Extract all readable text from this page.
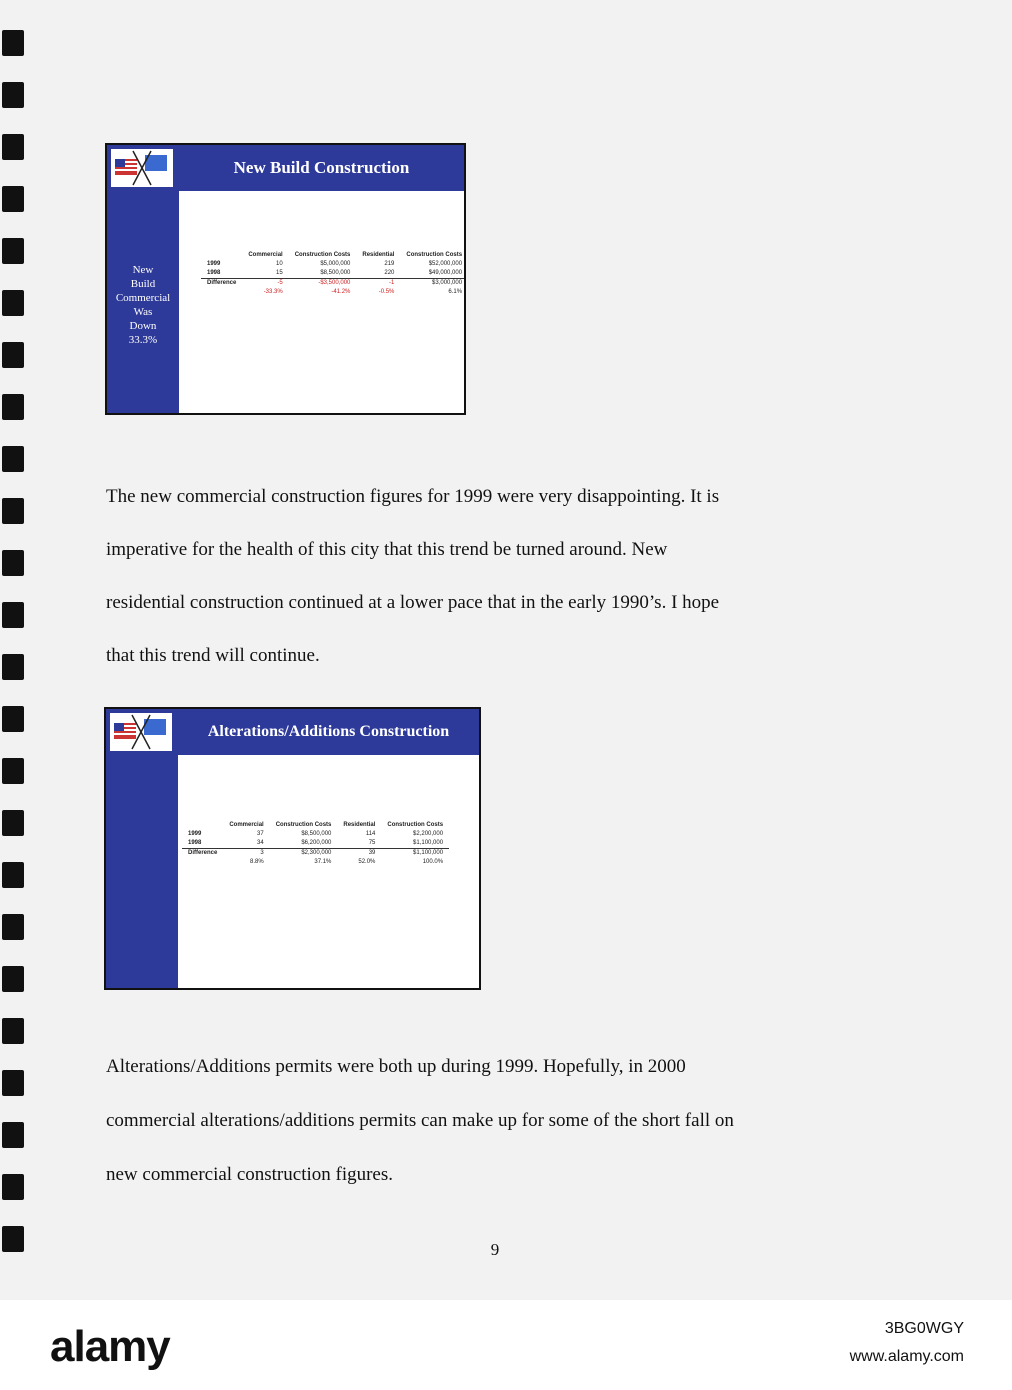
New Build Construction
New
Build
Commercial
Was
Down
33.3%
	Commercial	Construction Costs	Residential	Construction Costs
1999	10	$5,000,000	219	$52,000,000
1998	15	$8,500,000	220	$49,000,000
Difference	-5	-$3,500,000	-1	$3,000,000
	-33.3%	-41.2%	-0.5%	6.1%
The new commercial construction figures for 1999 were very disappointing. It is
imperative for the health of this city that this trend be turned around. New
residential construction continued at a lower pace that in the early 1990’s. I hope
that this trend will continue.
Alterations/Additions Construction
	Commercial	Construction Costs	Residential	Construction Costs
1999	37	$8,500,000	114	$2,200,000
1998	34	$6,200,000	75	$1,100,000
Difference	3	$2,300,000	39	$1,100,000
	8.8%	37.1%	52.0%	100.0%
Alterations/Additions permits were both up during 1999. Hopefully, in 2000
commercial alterations/additions permits can make up for some of the short fall on
new commercial construction figures.
9
alamy	3BG0WGY
www.alamy.com
